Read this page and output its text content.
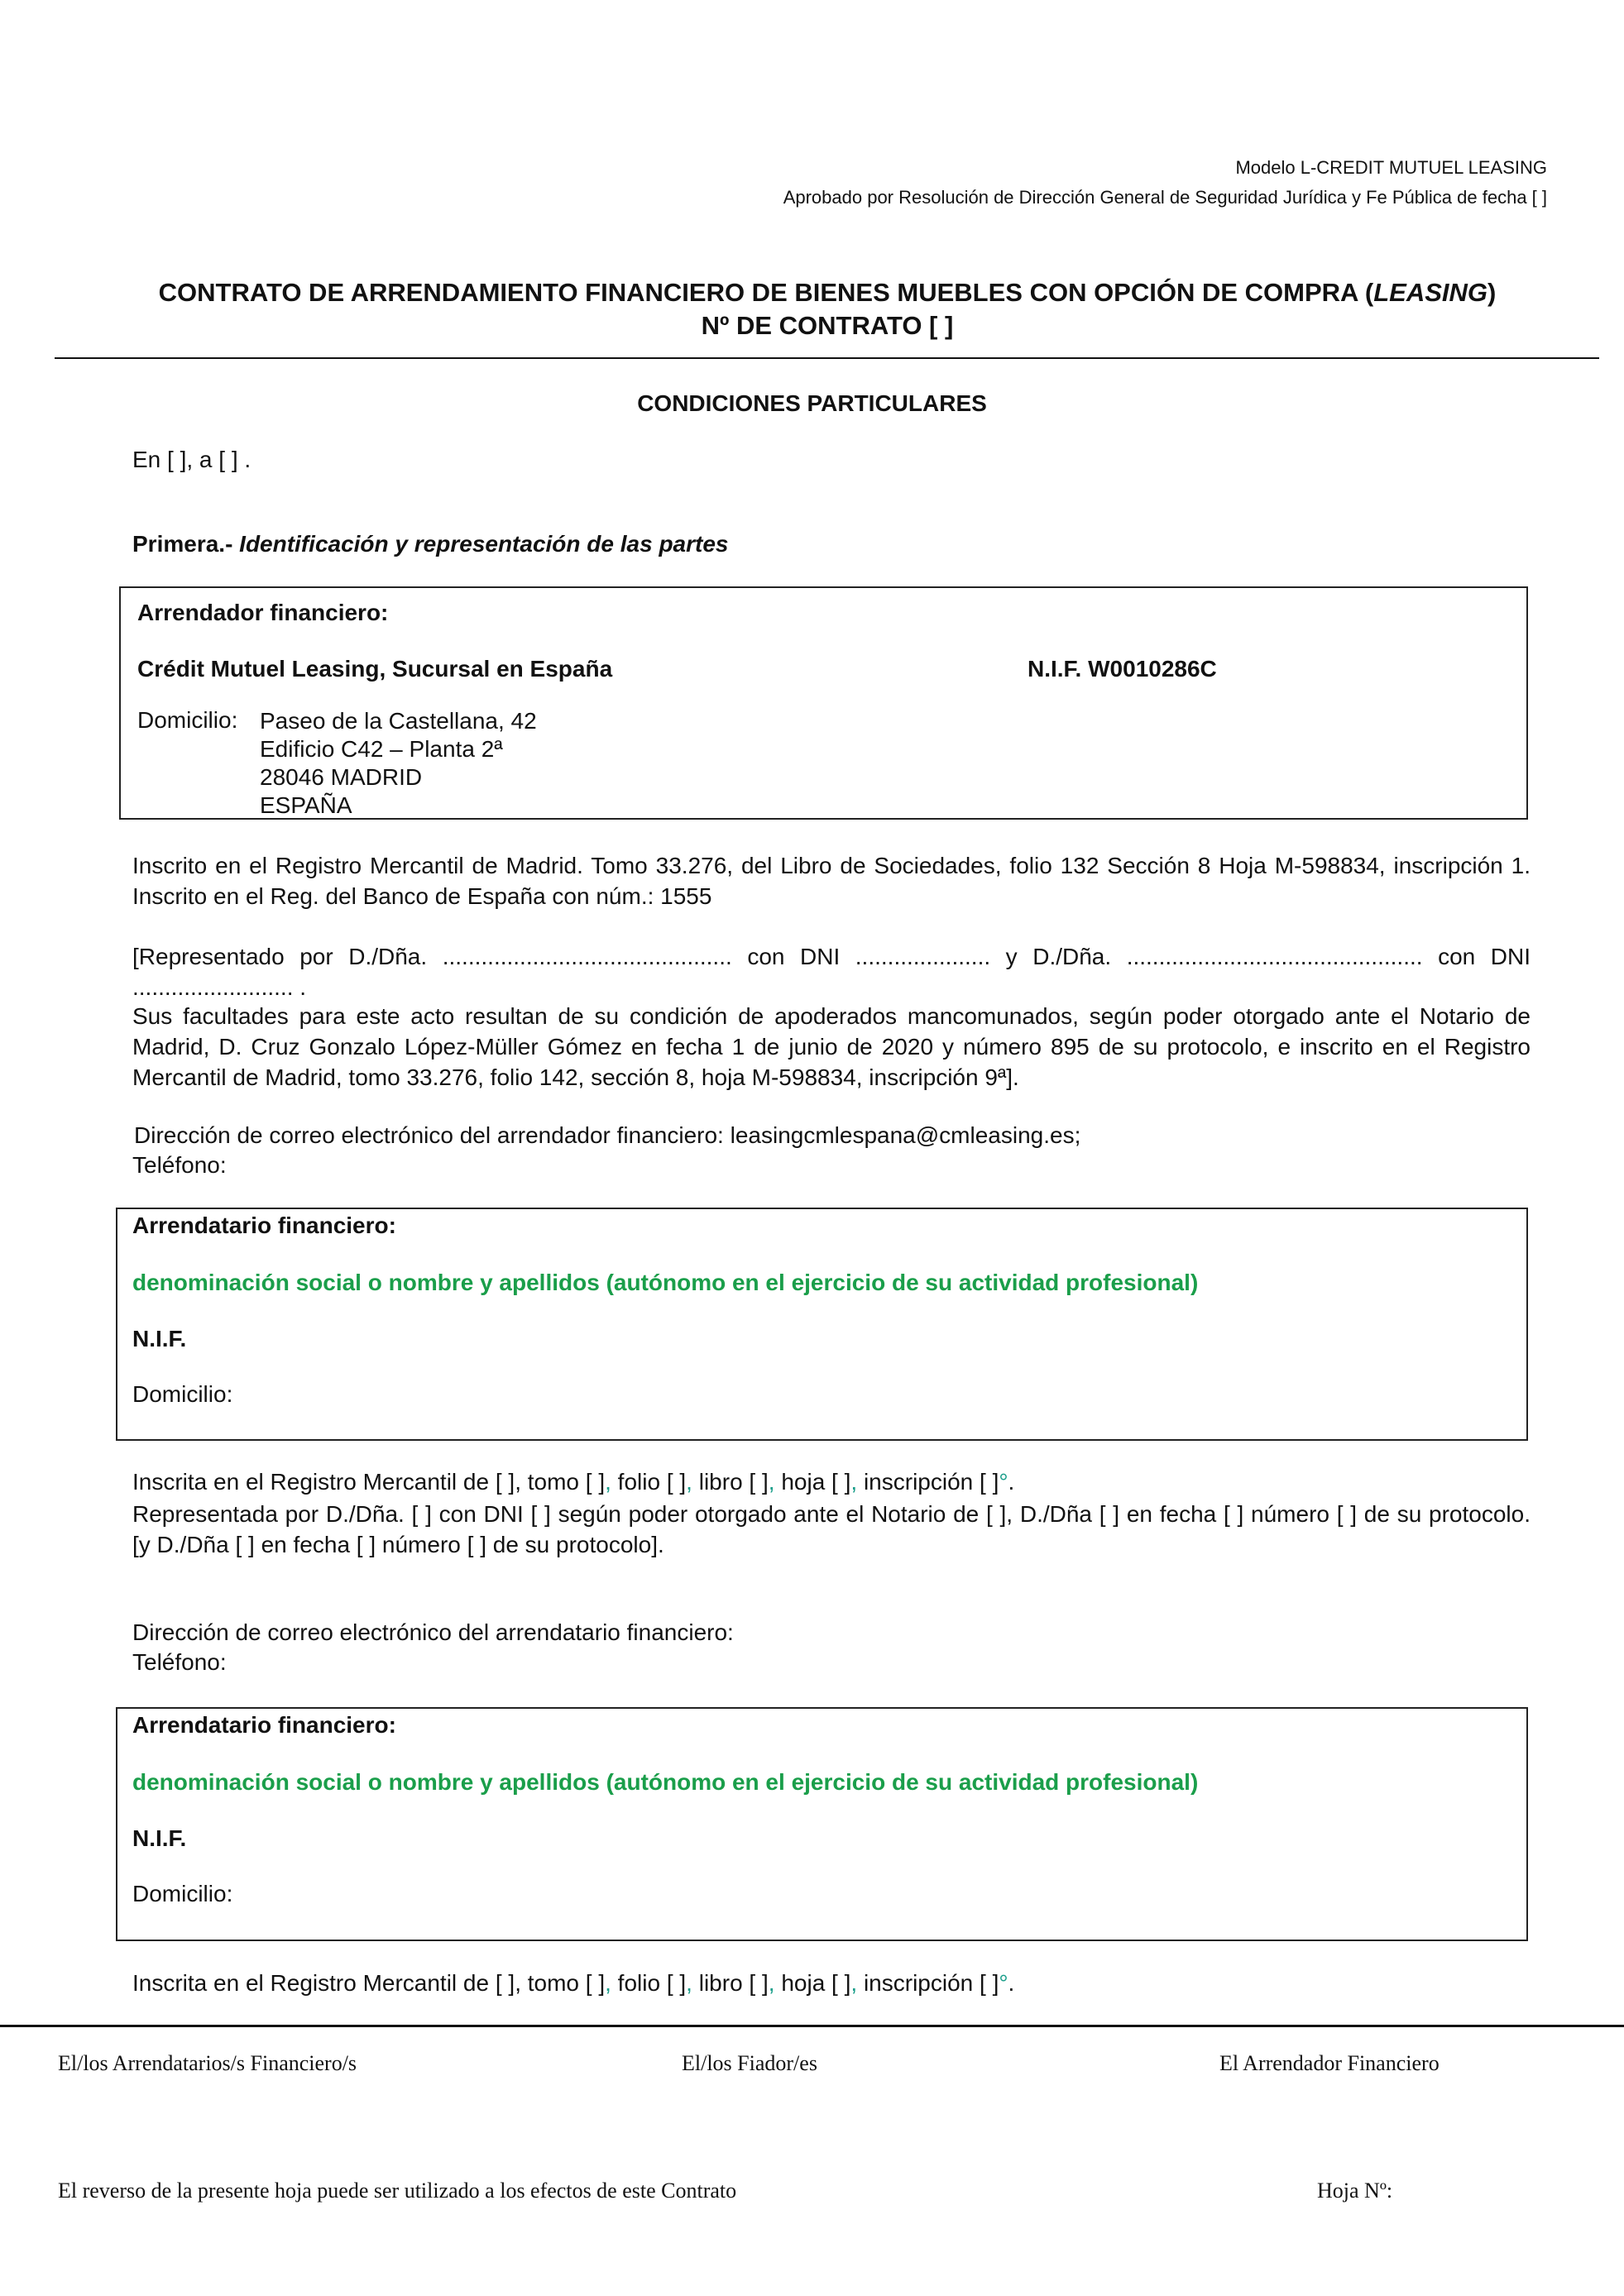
Modelo L-CREDIT MUTUEL LEASING
Aprobado por Resolución de Dirección General de Seguridad Jurídica y Fe Pública de fecha [ ]
CONTRATO DE ARRENDAMIENTO FINANCIERO DE BIENES MUEBLES CON OPCIÓN DE COMPRA (LEASING)
Nº DE CONTRATO [ ]
CONDICIONES PARTICULARES
En [ ], a [ ] .
Primera.- Identificación y representación de las partes
Arrendador financiero:
Crédit Mutuel Leasing, Sucursal en España	N.I.F. W0010286C
Domicilio: Paseo de la Castellana, 42
Edificio C42 – Planta 2ª
28046 MADRID
ESPAÑA
Inscrito en el Registro Mercantil de Madrid. Tomo 33.276, del Libro de Sociedades, folio 132 Sección 8 Hoja M-598834, inscripción 1. Inscrito en el Reg. del Banco de España con núm.: 1555
[Representado por D./Dña. ............................................. con DNI ..................... y D./Dña. .............................................. con DNI ......................... .
Sus facultades para este acto resultan de su condición de apoderados mancomunados, según poder otorgado ante el Notario de Madrid, D. Cruz Gonzalo López-Müller Gómez en fecha 1 de junio de 2020 y número 895 de su protocolo, e inscrito en el Registro Mercantil de Madrid, tomo 33.276, folio 142, sección 8, hoja M-598834, inscripción 9ª].
Dirección de correo electrónico del arrendador financiero: leasingcmlespana@cmleasing.es;
Teléfono:
Arrendatario financiero:
denominación social o nombre y apellidos (autónomo en el ejercicio de su actividad profesional)
N.I.F.
Domicilio:
Inscrita en el Registro Mercantil de [ ], tomo [ ], folio [ ], libro [ ], hoja [ ], inscripción [ ]°.
Representada por D./Dña. [ ] con DNI [ ] según poder otorgado ante el Notario de [ ], D./Dña [ ] en fecha [ ] número [ ] de su protocolo. [y D./Dña [ ] en fecha [ ] número [ ] de su protocolo].
Dirección de correo electrónico del arrendatario financiero:
Teléfono:
Arrendatario financiero:
denominación social o nombre y apellidos (autónomo en el ejercicio de su actividad profesional)
N.I.F.
Domicilio:
Inscrita en el Registro Mercantil de [ ], tomo [ ], folio [ ], libro [ ], hoja [ ], inscripción [ ]°.
El/los Arrendatarios/s Financiero/s	El/los Fiador/es	El Arrendador Financiero
El reverso de la presente hoja puede ser utilizado a los efectos de este Contrato	Hoja Nº:
